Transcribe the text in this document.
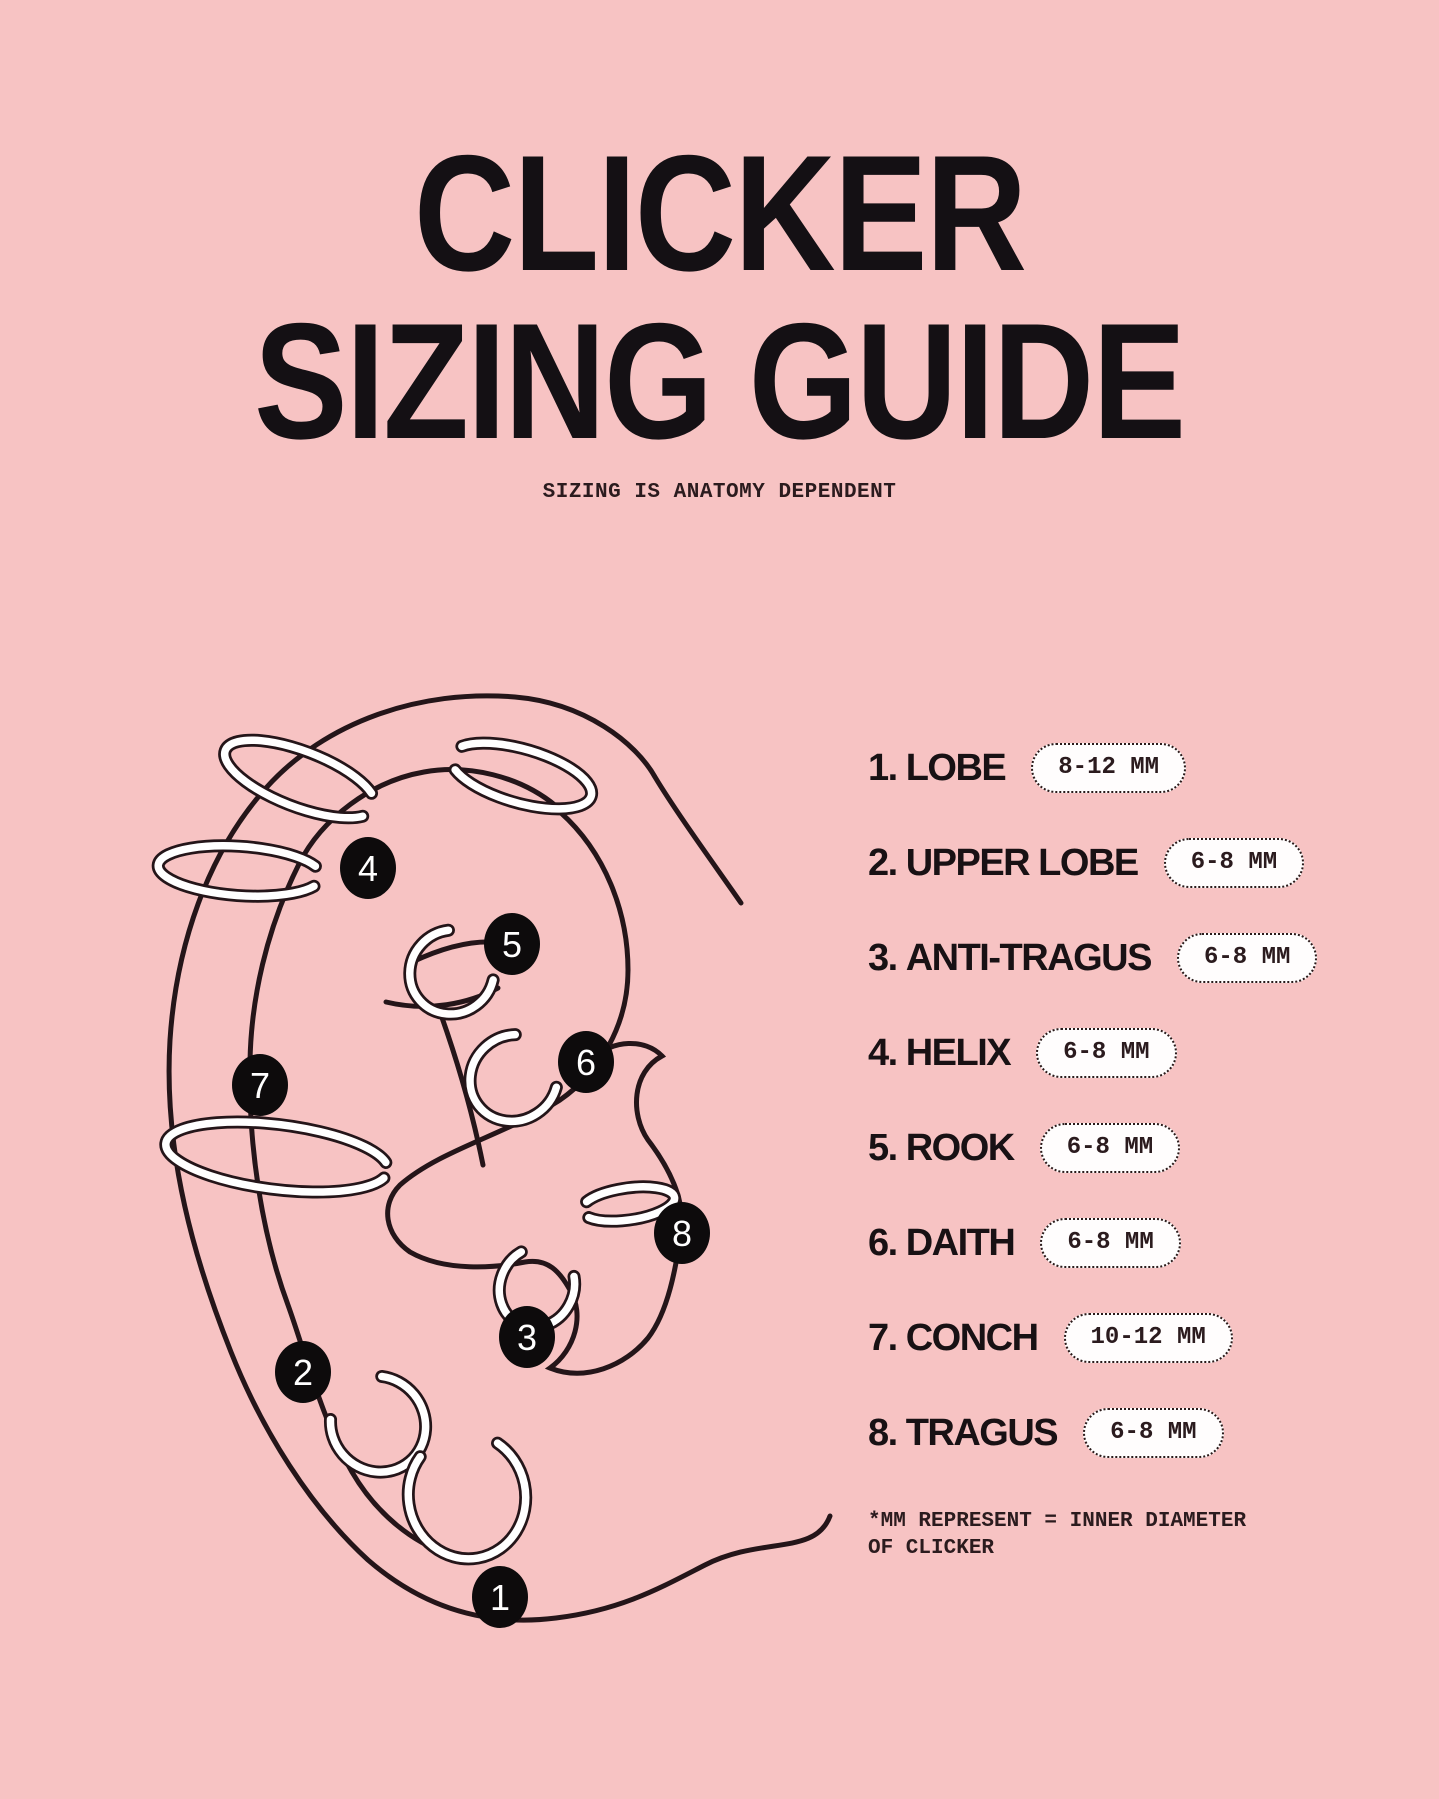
CLICKER
SIZING GUIDE
SIZING IS ANATOMY DEPENDENT
1
2
3
4
5
6
7
8
1. LOBE	8-12 MM
2. UPPER LOBE	6-8 MM
3. ANTI-TRAGUS	6-8 MM
4. HELIX	6-8 MM
5. ROOK	6-8 MM
6. DAITH	6-8 MM
7. CONCH	10-12 MM
8. TRAGUS	6-8 MM
*MM REPRESENT = INNER DIAMETER
OF CLICKER
